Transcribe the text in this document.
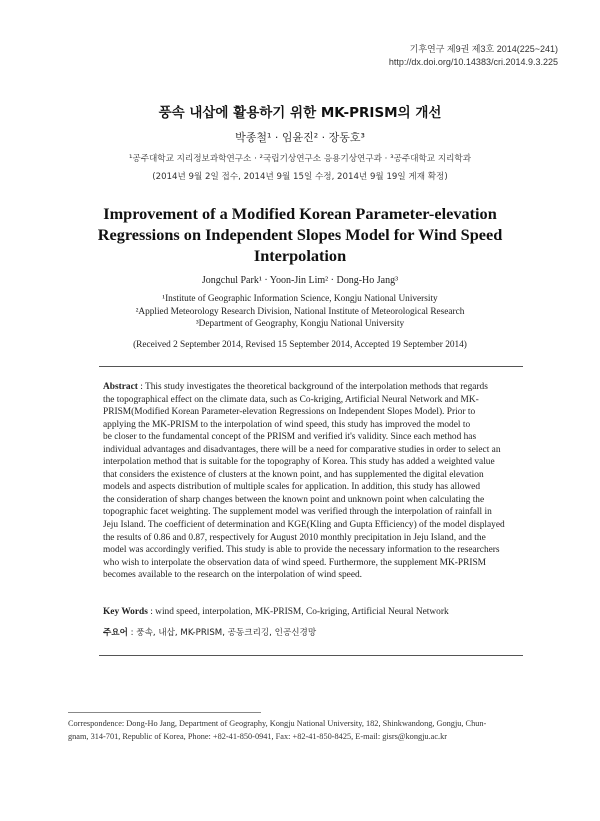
기후연구 제9권 제3호 2014(225~241)
http://dx.doi.org/10.14383/cri.2014.9.3.225
풍속 내삽에 활용하기 위한 MK-PRISM의 개선
박종철¹ · 임윤진² · 장동호³
¹공주대학교 지리정보과학연구소 · ²국립기상연구소 응용기상연구과 · ³공주대학교 지리학과
(2014년 9월 2일 접수, 2014년 9월 15일 수정, 2014년 9월 19일 게재 확정)
Improvement of a Modified Korean Parameter-elevation
Regressions on Independent Slopes Model for Wind Speed
Interpolation
Jongchul Park¹ · Yoon-Jin Lim² · Dong-Ho Jang³
¹Institute of Geographic Information Science, Kongju National University
²Applied Meteorology Research Division, National Institute of Meteorological Research
³Department of Geography, Kongju National University
(Received 2 September 2014, Revised 15 September 2014, Accepted 19 September 2014)
Abstract : This study investigates the theoretical background of the interpolation methods that regards
the topographical effect on the climate data, such as Co-kriging, Artificial Neural Network and MK-
PRISM(Modified Korean Parameter-elevation Regressions on Independent Slopes Model). Prior to
applying the MK-PRISM to the interpolation of wind speed, this study has improved the model to
be closer to the fundamental concept of the PRISM and verified it's validity. Since each method has
individual advantages and disadvantages, there will be a need for comparative studies in order to select an
interpolation method that is suitable for the topography of Korea. This study has added a weighted value
that considers the existence of clusters at the known point, and has supplemented the digital elevation
models and aspects distribution of multiple scales for application. In addition, this study has allowed
the consideration of sharp changes between the known point and unknown point when calculating the
topographic facet weighting. The supplement model was verified through the interpolation of rainfall in
Jeju Island. The coefficient of determination and KGE(Kling and Gupta Efficiency) of the model displayed
the results of 0.86 and 0.87, respectively for August 2010 monthly precipitation in Jeju Island, and the
model was accordingly verified. This study is able to provide the necessary information to the researchers
who wish to interpolate the observation data of wind speed. Furthermore, the supplement MK-PRISM
becomes available to the research on the interpolation of wind speed.
Key Words : wind speed, interpolation, MK-PRISM, Co-kriging, Artificial Neural Network
주요어 : 풍속, 내삽, MK-PRISM, 공동크리깅, 인공신경망
Correspondence: Dong-Ho Jang, Department of Geography, Kongju National University, 182, Shinkwandong, Gongju, Chun-
gnam, 314-701, Republic of Korea, Phone: +82-41-850-0941, Fax: +82-41-850-8425, E-mail: gisrs@kongju.ac.kr
